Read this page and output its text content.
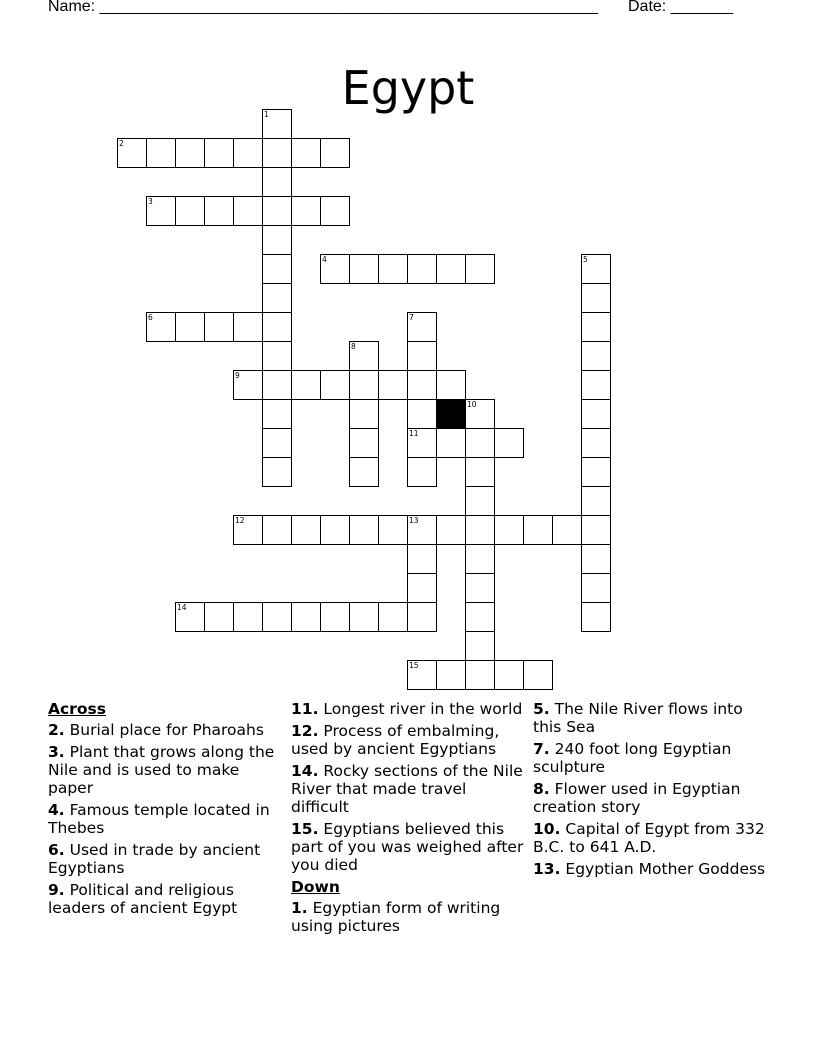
Name: ________________________________________________________ Date: _______
Egypt
1
2
3
4	5
6	7
8
9
10
11
12	13
14
15
Across
2. Burial place for Pharoahs
3. Plant that grows along the Nile and is used to make paper
4. Famous temple located in Thebes
6. Used in trade by ancient Egyptians
9. Political and religious leaders of ancient Egypt
11. Longest river in the world
12. Process of embalming, used by ancient Egyptians
14. Rocky sections of the Nile River that made travel difficult
15. Egyptians believed this part of you was weighed after you died
Down
1. Egyptian form of writing using pictures
5. The Nile River flows into this Sea
7. 240 foot long Egyptian sculpture
8. Flower used in Egyptian creation story
10. Capital of Egypt from 332 B.C. to 641 A.D.
13. Egyptian Mother Goddess
